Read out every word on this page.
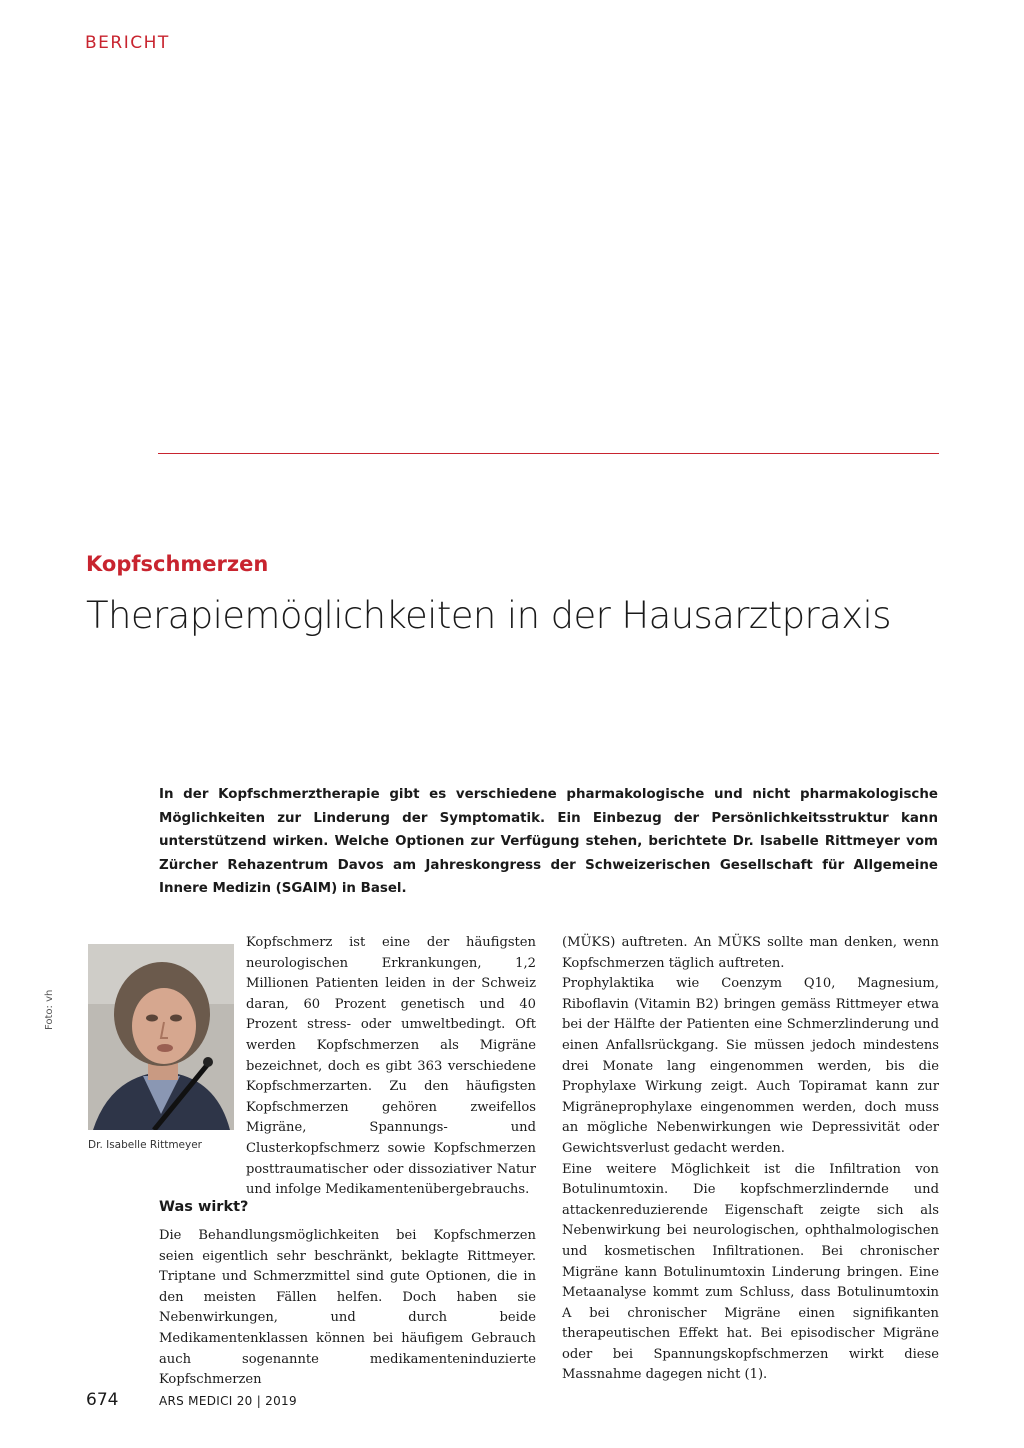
BERICHT
Kopfschmerzen
Therapiemöglichkeiten in der Hausarztpraxis
In der Kopfschmerztherapie gibt es verschiedene pharmakologische und nicht pharmakologische Möglichkeiten zur Linderung der Symptomatik. Ein Einbezug der Persönlichkeitsstruktur kann unterstützend wirken. Welche Optionen zur Verfügung stehen, berichtete Dr. Isabelle Rittmeyer vom Zürcher Rehazentrum Davos am Jahreskongress der Schweizerischen Gesellschaft für Allgemeine Innere Medizin (SGAIM) in Basel.
Foto: vh
Dr. Isabelle Rittmeyer

Kopfschmerz ist eine der häufigsten neurologischen Erkrankungen, 1,2 Millionen Patienten leiden in der Schweiz daran, 60 Prozent genetisch und 40 Prozent stress- oder umweltbedingt. Oft werden Kopfschmerzen als Migräne bezeichnet, doch es gibt 363 verschiedene Kopfschmerzarten. Zu den häufigsten Kopfschmerzen gehören zweifellos Migräne, Spannungs- und Clusterkopfschmerz sowie Kopfschmerzen posttraumatischer oder dissoziativer Natur und infolge Medikamentenübergebrauchs.

Was wirkt?

Die Behandlungsmöglichkeiten bei Kopfschmerzen seien eigentlich sehr beschränkt, beklagte Rittmeyer. Triptane und Schmerzmittel sind gute Optionen, die in den meisten Fällen helfen. Doch haben sie Nebenwirkungen, und durch beide Medikamentenklassen können bei häufigem Gebrauch auch sogenannte medikamenteninduzierte Kopfschmerzen

(MÜKS) auftreten. An MÜKS sollte man denken, wenn Kopfschmerzen täglich auftreten.

Prophylaktika wie Coenzym Q10, Magnesium, Riboflavin (Vitamin B2) bringen gemäss Rittmeyer etwa bei der Hälfte der Patienten eine Schmerzlinderung und einen Anfallsrückgang. Sie müssen jedoch mindestens drei Monate lang eingenommen werden, bis die Prophylaxe Wirkung zeigt. Auch Topiramat kann zur Migräneprophylaxe eingenommen werden, doch muss an mögliche Nebenwirkungen wie Depressivität oder Gewichtsverlust gedacht werden.

Eine weitere Möglichkeit ist die Infiltration von Botulinumtoxin. Die kopfschmerzlindernde und attackenreduzierende Eigenschaft zeigte sich als Nebenwirkung bei neurologischen, ophthalmologischen und kosmetischen Infiltrationen. Bei chronischer Migräne kann Botulinumtoxin Linderung bringen. Eine Metaanalyse kommt zum Schluss, dass Botulinumtoxin A bei chronischer Migräne einen signifikanten therapeutischen Effekt hat. Bei episodischer Migräne oder bei Spannungskopfschmerzen wirkt diese Massnahme dagegen nicht (1).

674	ARS MEDICI 20 | 2019
